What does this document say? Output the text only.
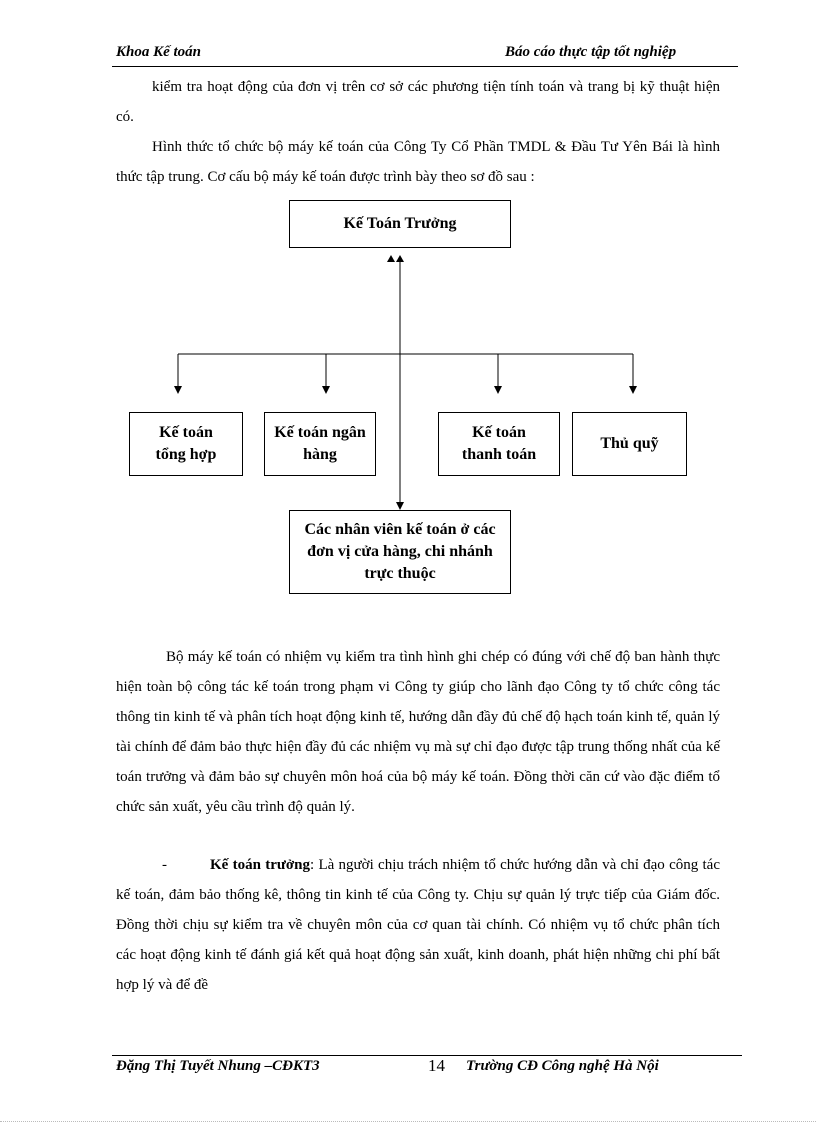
Khoa Kế toán	Báo cáo thực tập tốt nghiệp

kiểm tra hoạt động của đơn vị trên cơ sở các phương tiện tính toán và trang bị kỹ thuật hiện có.

Hình thức tổ chức bộ máy kế toán của Công Ty Cổ Phần TMDL & Đầu Tư Yên Bái là hình thức tập trung. Cơ cấu bộ máy kế toán được trình bày theo sơ đồ sau :

Kế Toán Trưởng
Kế toán tổng hợp
Kế toán ngân hàng
Kế toán thanh toán
Thủ quỹ
Các nhân viên kế toán ở các đơn vị cửa hàng, chi nhánh trực thuộc

Bộ máy kế toán có nhiệm vụ kiểm tra tình hình ghi chép có đúng với chế độ ban hành thực hiện toàn bộ công tác kế toán trong phạm vi Công ty giúp cho lãnh đạo Công ty tổ chức công tác thông tin kinh tế và phân tích hoạt động kinh tế, hướng dẫn đầy đủ chế độ hạch toán kinh tế, quản lý tài chính để đảm bảo thực hiện đầy đủ các nhiệm vụ mà sự chỉ đạo được tập trung thống nhất của kế toán trưởng và đảm bảo sự chuyên môn hoá của bộ máy kế toán. Đồng thời căn cứ vào đặc điểm tổ chức sản xuất, yêu cầu trình độ quản lý.

-	Kế toán trưởng: Là người chịu trách nhiệm tổ chức hướng dẫn và chỉ đạo công tác kế toán, đảm bảo thống kê, thông tin kinh tế của Công ty. Chịu sự quản lý trực tiếp của Giám đốc. Đồng thời chịu sự kiểm tra về chuyên môn của cơ quan tài chính. Có nhiệm vụ tổ chức phân tích các hoạt động kinh tế đánh giá kết quả hoạt động sản xuất, kinh doanh, phát hiện những chi phí bất hợp lý và để đề

Đặng Thị Tuyết Nhung –CĐKT3	14 Trường CĐ Công nghệ Hà Nội
